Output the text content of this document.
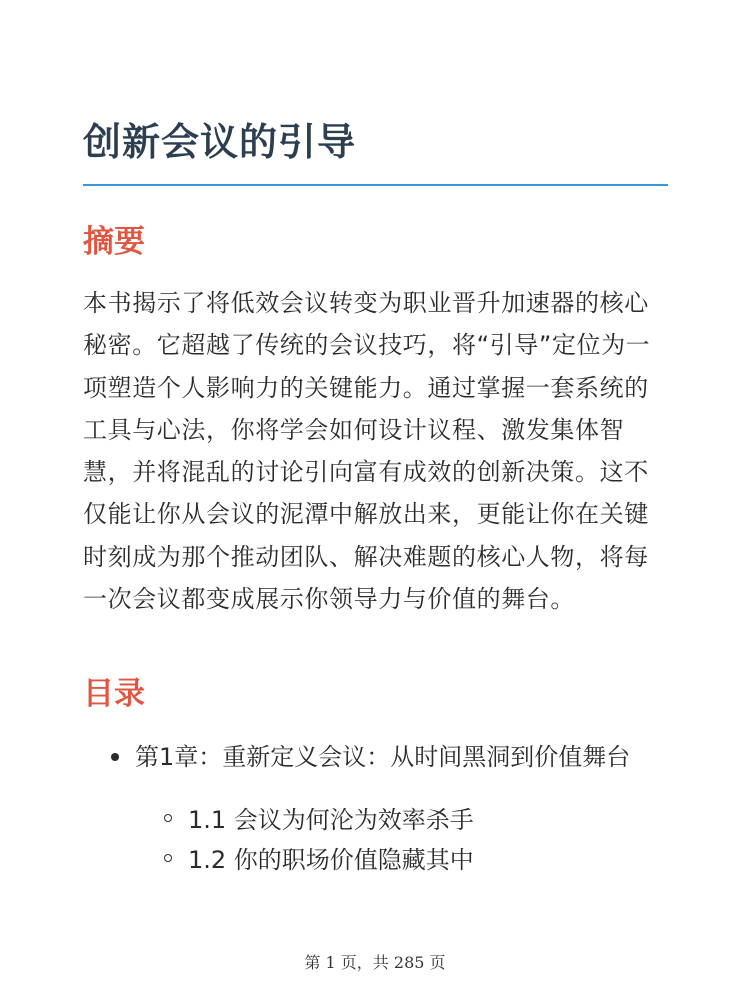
创新会议的引导
摘要

本书揭示了将低效会议转变为职业晋升加速器的核心秘密。它超越了传统的会议技巧，将“引导”定位为一项塑造个人影响力的关键能力。通过掌握一套系统的工具与心法，你将学会如何设计议程、激发集体智慧，并将混乱的讨论引向富有成效的创新决策。这不仅能让你从会议的泥潭中解放出来，更能让你在关键时刻成为那个推动团队、解决难题的核心人物，将每一次会议都变成展示你领导力与价值的舞台。

目录
第1章：重新定义会议：从时间黑洞到价值舞台
1.1 会议为何沦为效率杀手
1.2 你的职场价值隐藏其中
第 1 页，共 285 页
